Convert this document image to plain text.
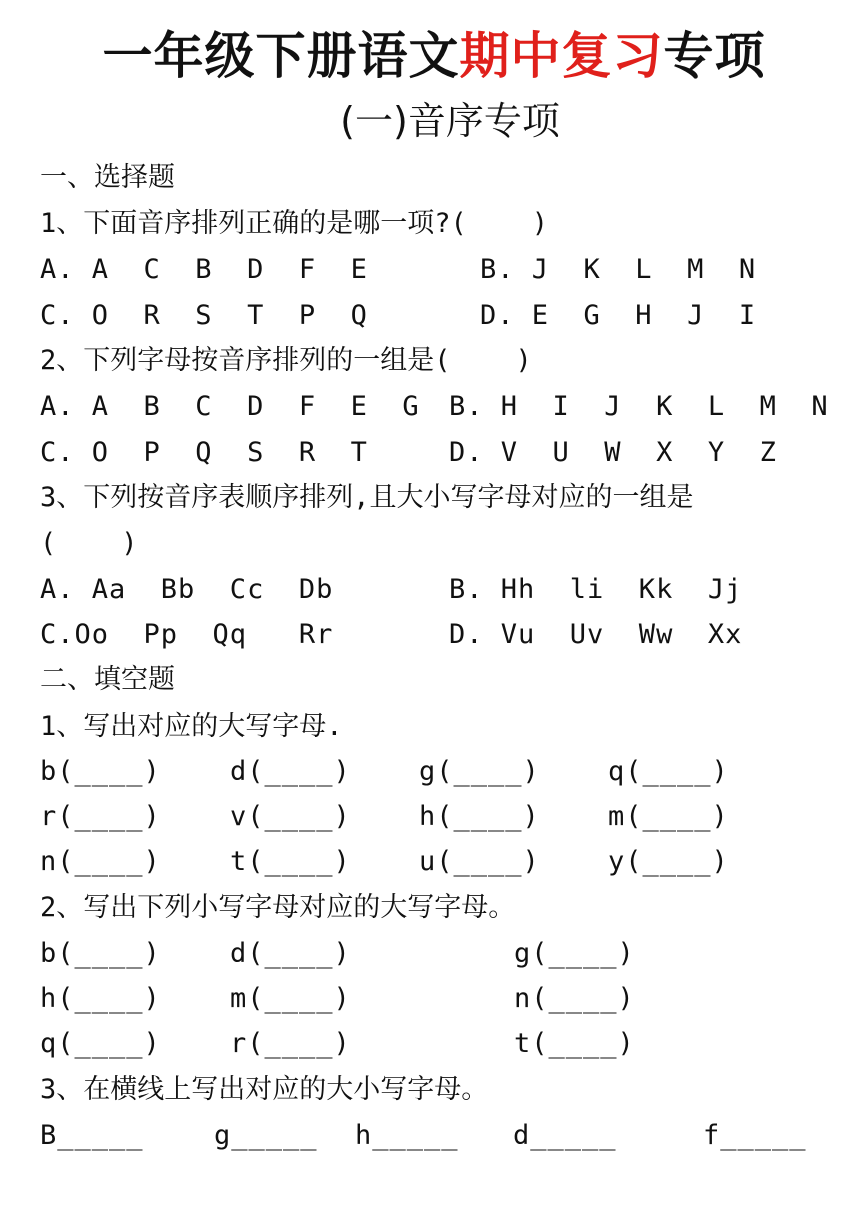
一年级下册语文期中复习专项
(一)音序专项
一、选择题
1、下面音序排列正确的是哪一项?(    )
A. A  C  B  D  F  E	B. J  K  L  M  N
C. O  R  S  T  P  Q	D. E  G  H  J  I
2、下列字母按音序排列的一组是(    )
A. A  B  C  D  F  E  G B. H  I  J  K  L  M  N
C. O  P  Q  S  R  T	D. V  U  W  X  Y  Z
3、下列按音序表顺序排列,且大小写字母对应的一组是
(    )
A. Aa  Bb  Cc  Db	B. Hh  li  Kk  Jj
C.Oo  Pp  Qq   Rr	D. Vu  Uv  Ww  Xx
二、填空题
1、写出对应的大写字母.
b(____)	d(____)	g(____)	q(____)
r(____)	v(____)	h(____)	m(____)
n(____)	t(____)	u(____)	y(____)
2、写出下列小写字母对应的大写字母。
b(____)	d(____)	g(____)
h(____)	m(____)	n(____)
q(____)	r(____)	t(____)
3、在横线上写出对应的大小写字母。
B_____	g_____ h_____ d_____	f_____
